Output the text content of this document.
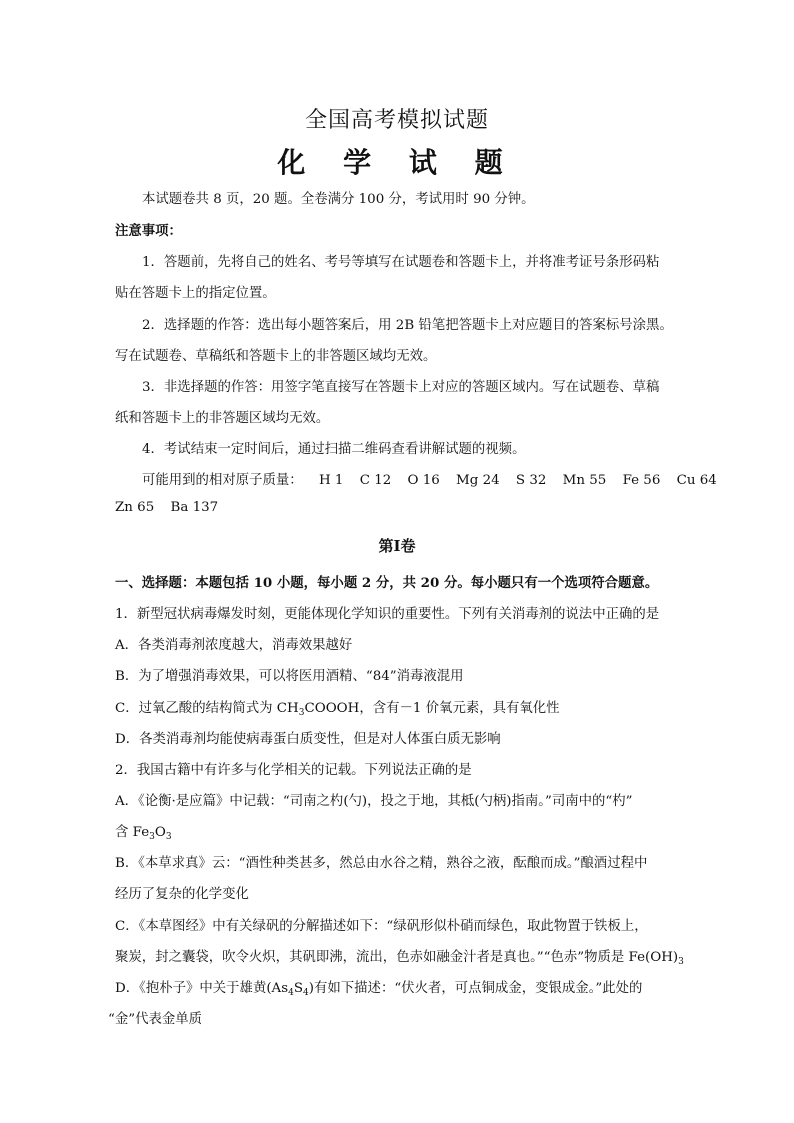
全国高考模拟试题
化 学 试 题
本试题卷共 8 页，20 题。全卷满分 100 分，考试用时 90 分钟。
注意事项：
1．答题前，先将自己的姓名、考号等填写在试题卷和答题卡上，并将准考证号条形码粘
贴在答题卡上的指定位置。
2．选择题的作答：选出每小题答案后，用 2B 铅笔把答题卡上对应题目的答案标号涂黑。
写在试题卷、草稿纸和答题卡上的非答题区域均无效。
3．非选择题的作答：用签字笔直接写在答题卡上对应的答题区域内。写在试题卷、草稿
纸和答题卡上的非答题区域均无效。
4．考试结束一定时间后，通过扫描二维码查看讲解试题的视频。
可能用到的相对原子质量： H 1 C 12 O 16 Mg 24 S 32 Mn 55 Fe 56 Cu 64
Zn 65 Ba 137
第Ⅰ卷
一、选择题：本题包括 10 小题，每小题 2 分，共 20 分。每小题只有一个选项符合题意。
1．新型冠状病毒爆发时刻，更能体现化学知识的重要性。下列有关消毒剂的说法中正确的是
A．各类消毒剂浓度越大，消毒效果越好
B．为了增强消毒效果，可以将医用酒精、“84”消毒液混用
C．过氧乙酸的结构简式为 $CH_3COOOH$，含有－1 价氧元素，具有氧化性
D．各类消毒剂均能使病毒蛋白质变性，但是对人体蛋白质无影响
2．我国古籍中有许多与化学相关的记载。下列说法正确的是
A．《论衡·是应篇》中记载：“司南之杓(勺)，投之于地，其柢(勺柄)指南。”司南中的“杓”
含 $Fe_3O_3$
B．《本草求真》云：“酒性种类甚多，然总由水谷之精，熟谷之液，酝酿而成。”酿酒过程中
经历了复杂的化学变化
C．《本草图经》中有关绿矾的分解描述如下：“绿矾形似朴硝而绿色，取此物置于铁板上，
聚炭，封之囊袋，吹令火炽，其矾即沸，流出，色赤如融金汁者是真也。”“色赤”物质是 $Fe(OH)_3$
D．《抱朴子》中关于雄黄$(As_4S_4)$有如下描述：“伏火者，可点铜成金，变银成金。”此处的
“金”代表金单质
